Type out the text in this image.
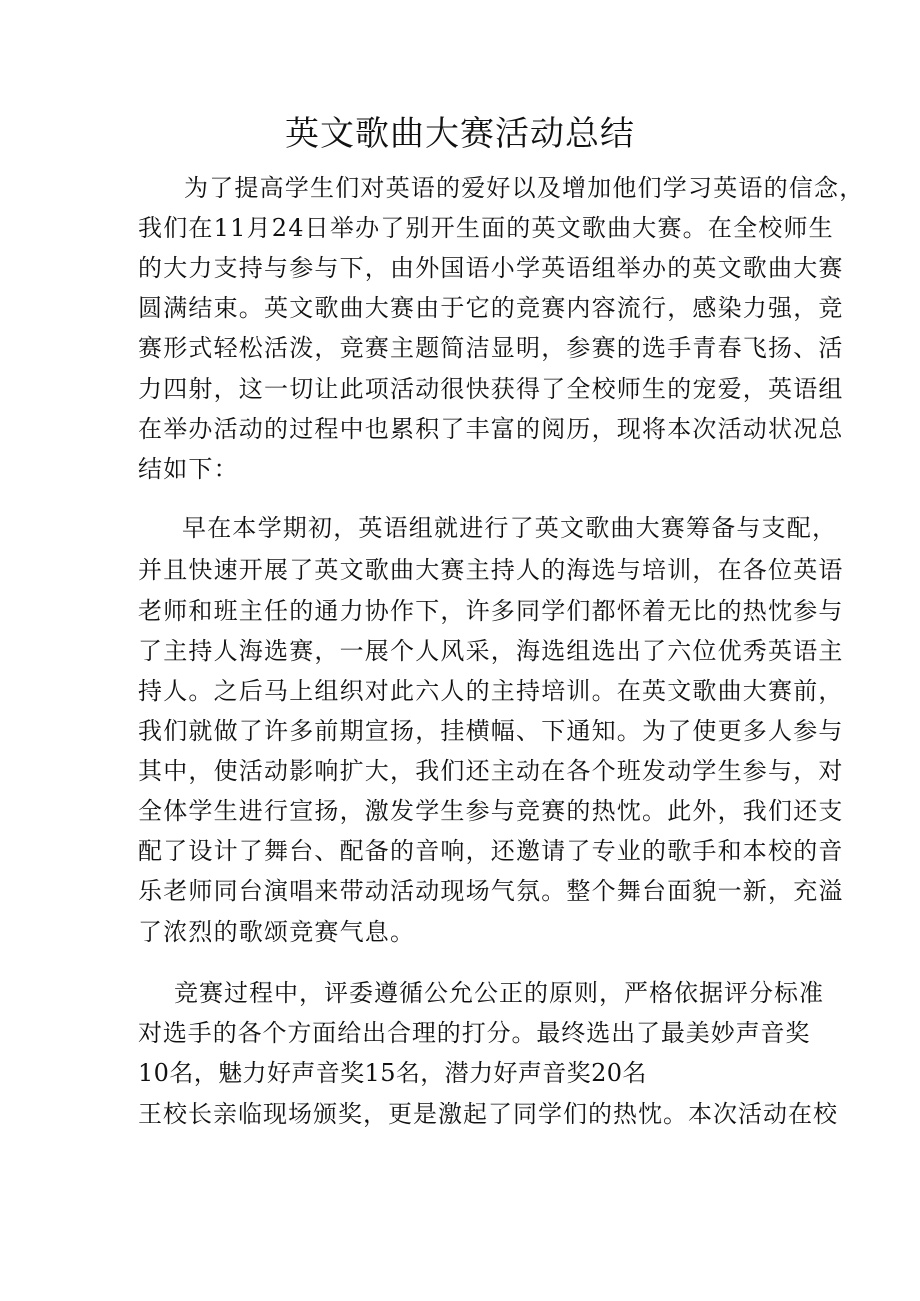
英文歌曲大赛活动总结
为了提高学生们对英语的爱好以及增加他们学习英语的信念，
我们在11月24日举办了别开生面的英文歌曲大赛。在全校师生
的大力支持与参与下，由外国语小学英语组举办的英文歌曲大赛
圆满结束。英文歌曲大赛由于它的竞赛内容流行，感染力强，竞
赛形式轻松活泼，竞赛主题简洁显明，参赛的选手青春飞扬、活
力四射，这一切让此项活动很快获得了全校师生的宠爱，英语组
在举办活动的过程中也累积了丰富的阅历，现将本次活动状况总
结如下：
早在本学期初，英语组就进行了英文歌曲大赛筹备与支配，
并且快速开展了英文歌曲大赛主持人的海选与培训，在各位英语
老师和班主任的通力协作下，许多同学们都怀着无比的热忱参与
了主持人海选赛，一展个人风采，海选组选出了六位优秀英语主
持人。之后马上组织对此六人的主持培训。在英文歌曲大赛前，
我们就做了许多前期宣扬，挂横幅、下通知。为了使更多人参与
其中，使活动影响扩大，我们还主动在各个班发动学生参与，对
全体学生进行宣扬，激发学生参与竞赛的热忱。此外，我们还支
配了设计了舞台、配备的音响，还邀请了专业的歌手和本校的音
乐老师同台演唱来带动活动现场气氛。整个舞台面貌一新，充溢
了浓烈的歌颂竞赛气息。
竞赛过程中，评委遵循公允公正的原则，严格依据评分标准
对选手的各个方面给出合理的打分。最终选出了最美妙声音奖
10名，魅力好声音奖15名，潜力好声音奖20名
王校长亲临现场颁奖，更是激起了同学们的热忱。本次活动在校
